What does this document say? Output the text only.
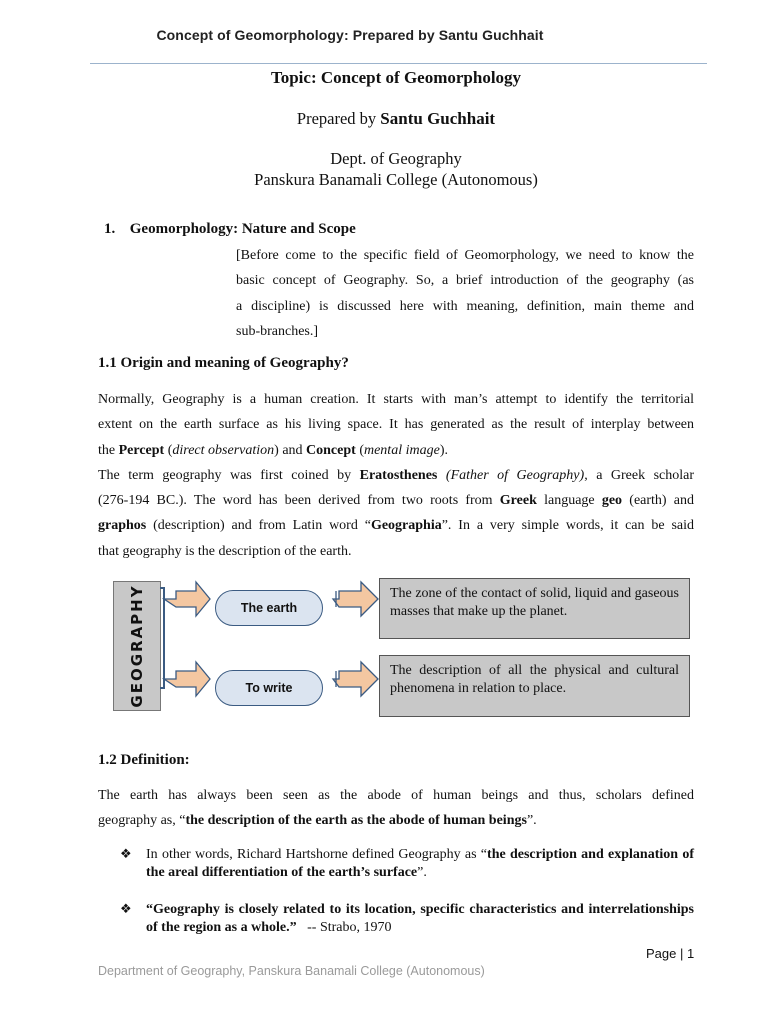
Concept of Geomorphology: Prepared by Santu Guchhait
Topic: Concept of Geomorphology
Prepared by Santu Guchhait
Dept. of Geography
Panskura Banamali College (Autonomous)
1. Geomorphology: Nature and Scope
[Before come to the specific field of Geomorphology, we need to know the
basic concept of Geography. So, a brief introduction of the geography (as
a discipline) is discussed here with meaning, definition, main theme and
sub-branches.]
1.1 Origin and meaning of Geography?
Normally, Geography is a human creation. It starts with man’s attempt to identify the territorial
extent on the earth surface as his living space. It has generated as the result of interplay between
the Percept (direct observation) and Concept (mental image).
The term geography was first coined by Eratosthenes (Father of Geography), a Greek scholar
(276-194 BC.). The word has been derived from two roots from Greek language geo (earth) and
graphos (description) and from Latin word “Geographia”. In a very simple words, it can be said
that geography is the description of the earth.
GEOGRAPHY	The earth
To write
The zone of the contact of solid, liquid and gaseous masses that make up the planet.
The description of all the physical and cultural phenomena in relation to place.
1.2 Definition:
The earth has always been seen as the abode of human beings and thus, scholars defined
geography as, “the description of the earth as the abode of human beings”.
❖ In other words, Richard Hartshorne defined Geography as “the description and explanation of the areal differentiation of the earth’s surface”.
❖ “Geography is closely related to its location, specific characteristics and interrelationships of the region as a whole.” -- Strabo, 1970
Page | 1
Department of Geography, Panskura Banamali College (Autonomous)
